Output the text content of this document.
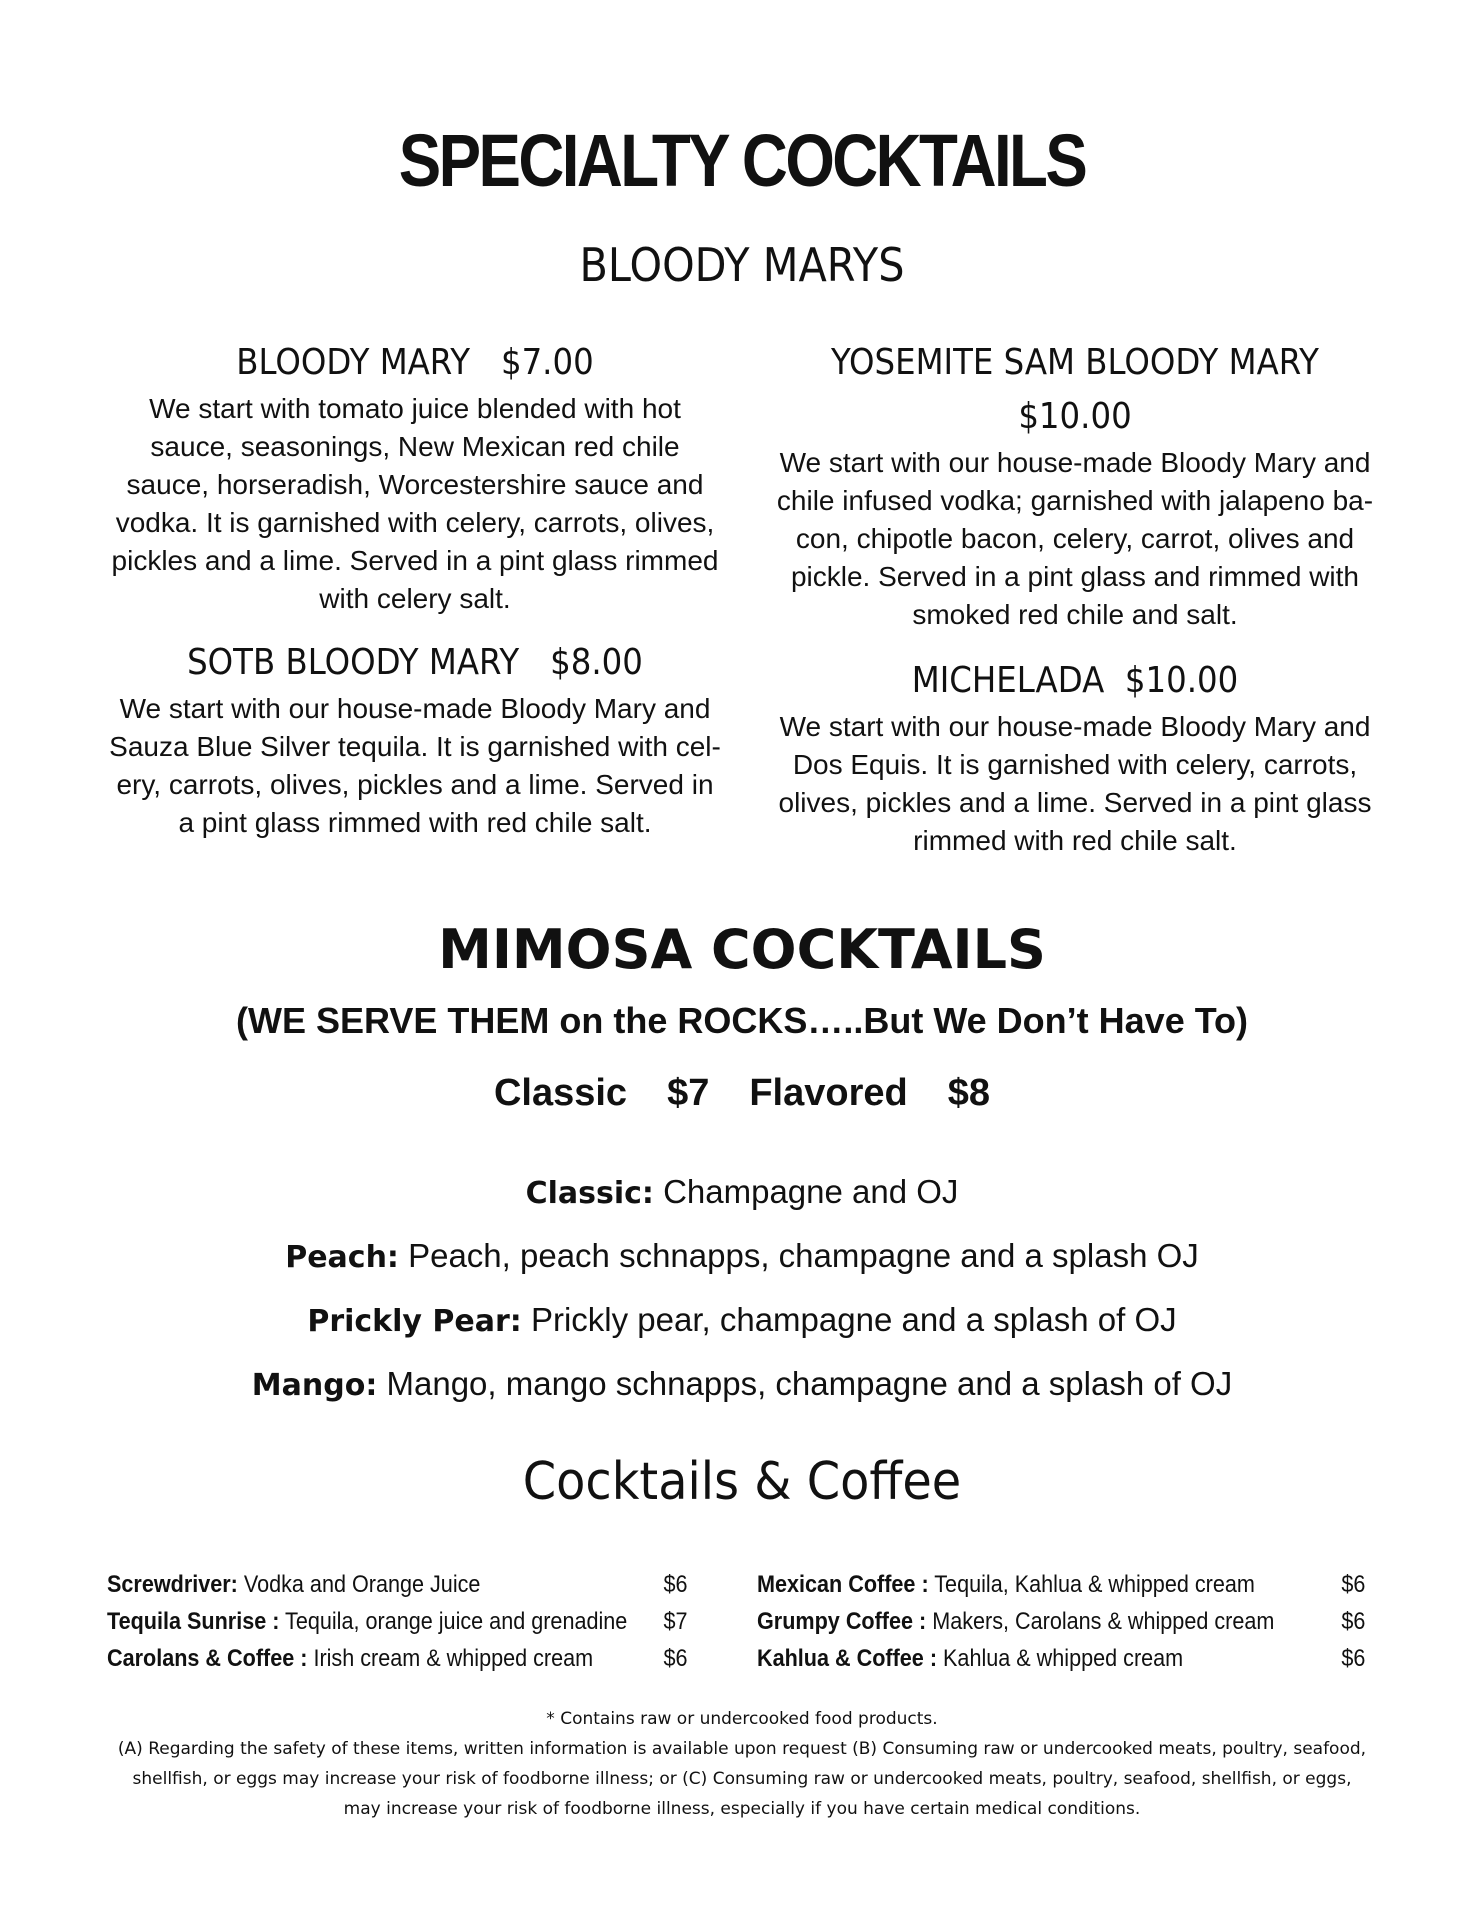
SPECIALTY COCKTAILS
BLOODY MARYS
BLOODY MARY $7.00
We start with tomato juice blended with hot
sauce, seasonings, New Mexican red chile
sauce, horseradish, Worcestershire sauce and
vodka. It is garnished with celery, carrots, olives,
pickles and a lime. Served in a pint glass rimmed
with celery salt.
SOTB BLOODY MARY $8.00
We start with our house-made Bloody Mary and
Sauza Blue Silver tequila. It is garnished with cel-
ery, carrots, olives, pickles and a lime. Served in
a pint glass rimmed with red chile salt.
YOSEMITE SAM BLOODY MARY
$10.00
We start with our house-made Bloody Mary and
chile infused vodka; garnished with jalapeno ba-
con, chipotle bacon, celery, carrot, olives and
pickle. Served in a pint glass and rimmed with
smoked red chile and salt.
MICHELADA $10.00
We start with our house-made Bloody Mary and
Dos Equis. It is garnished with celery, carrots,
olives, pickles and a lime. Served in a pint glass
rimmed with red chile salt.
MIMOSA COCKTAILS
(WE SERVE THEM on the ROCKS…..But We Don’t Have To)
Classic $7 Flavored $8
Classic: Champagne and OJ
Peach: Peach, peach schnapps, champagne and a splash OJ
Prickly Pear: Prickly pear, champagne and a splash of OJ
Mango: Mango, mango schnapps, champagne and a splash of OJ
Cocktails & Coffee
Screwdriver: Vodka and Orange Juice	$6
Tequila Sunrise : Tequila, orange juice and grenadine $7
Carolans & Coffee : Irish cream & whipped cream	$6
Mexican Coffee : Tequila, Kahlua & whipped cream	$6
Grumpy Coffee : Makers, Carolans & whipped cream	$6
Kahlua & Coffee : Kahlua & whipped cream	$6
* Contains raw or undercooked food products.
(A) Regarding the safety of these items, written information is available upon request (B) Consuming raw or undercooked meats, poultry, seafood,
shellfish, or eggs may increase your risk of foodborne illness; or (C) Consuming raw or undercooked meats, poultry, seafood, shellfish, or eggs,
may increase your risk of foodborne illness, especially if you have certain medical conditions.
